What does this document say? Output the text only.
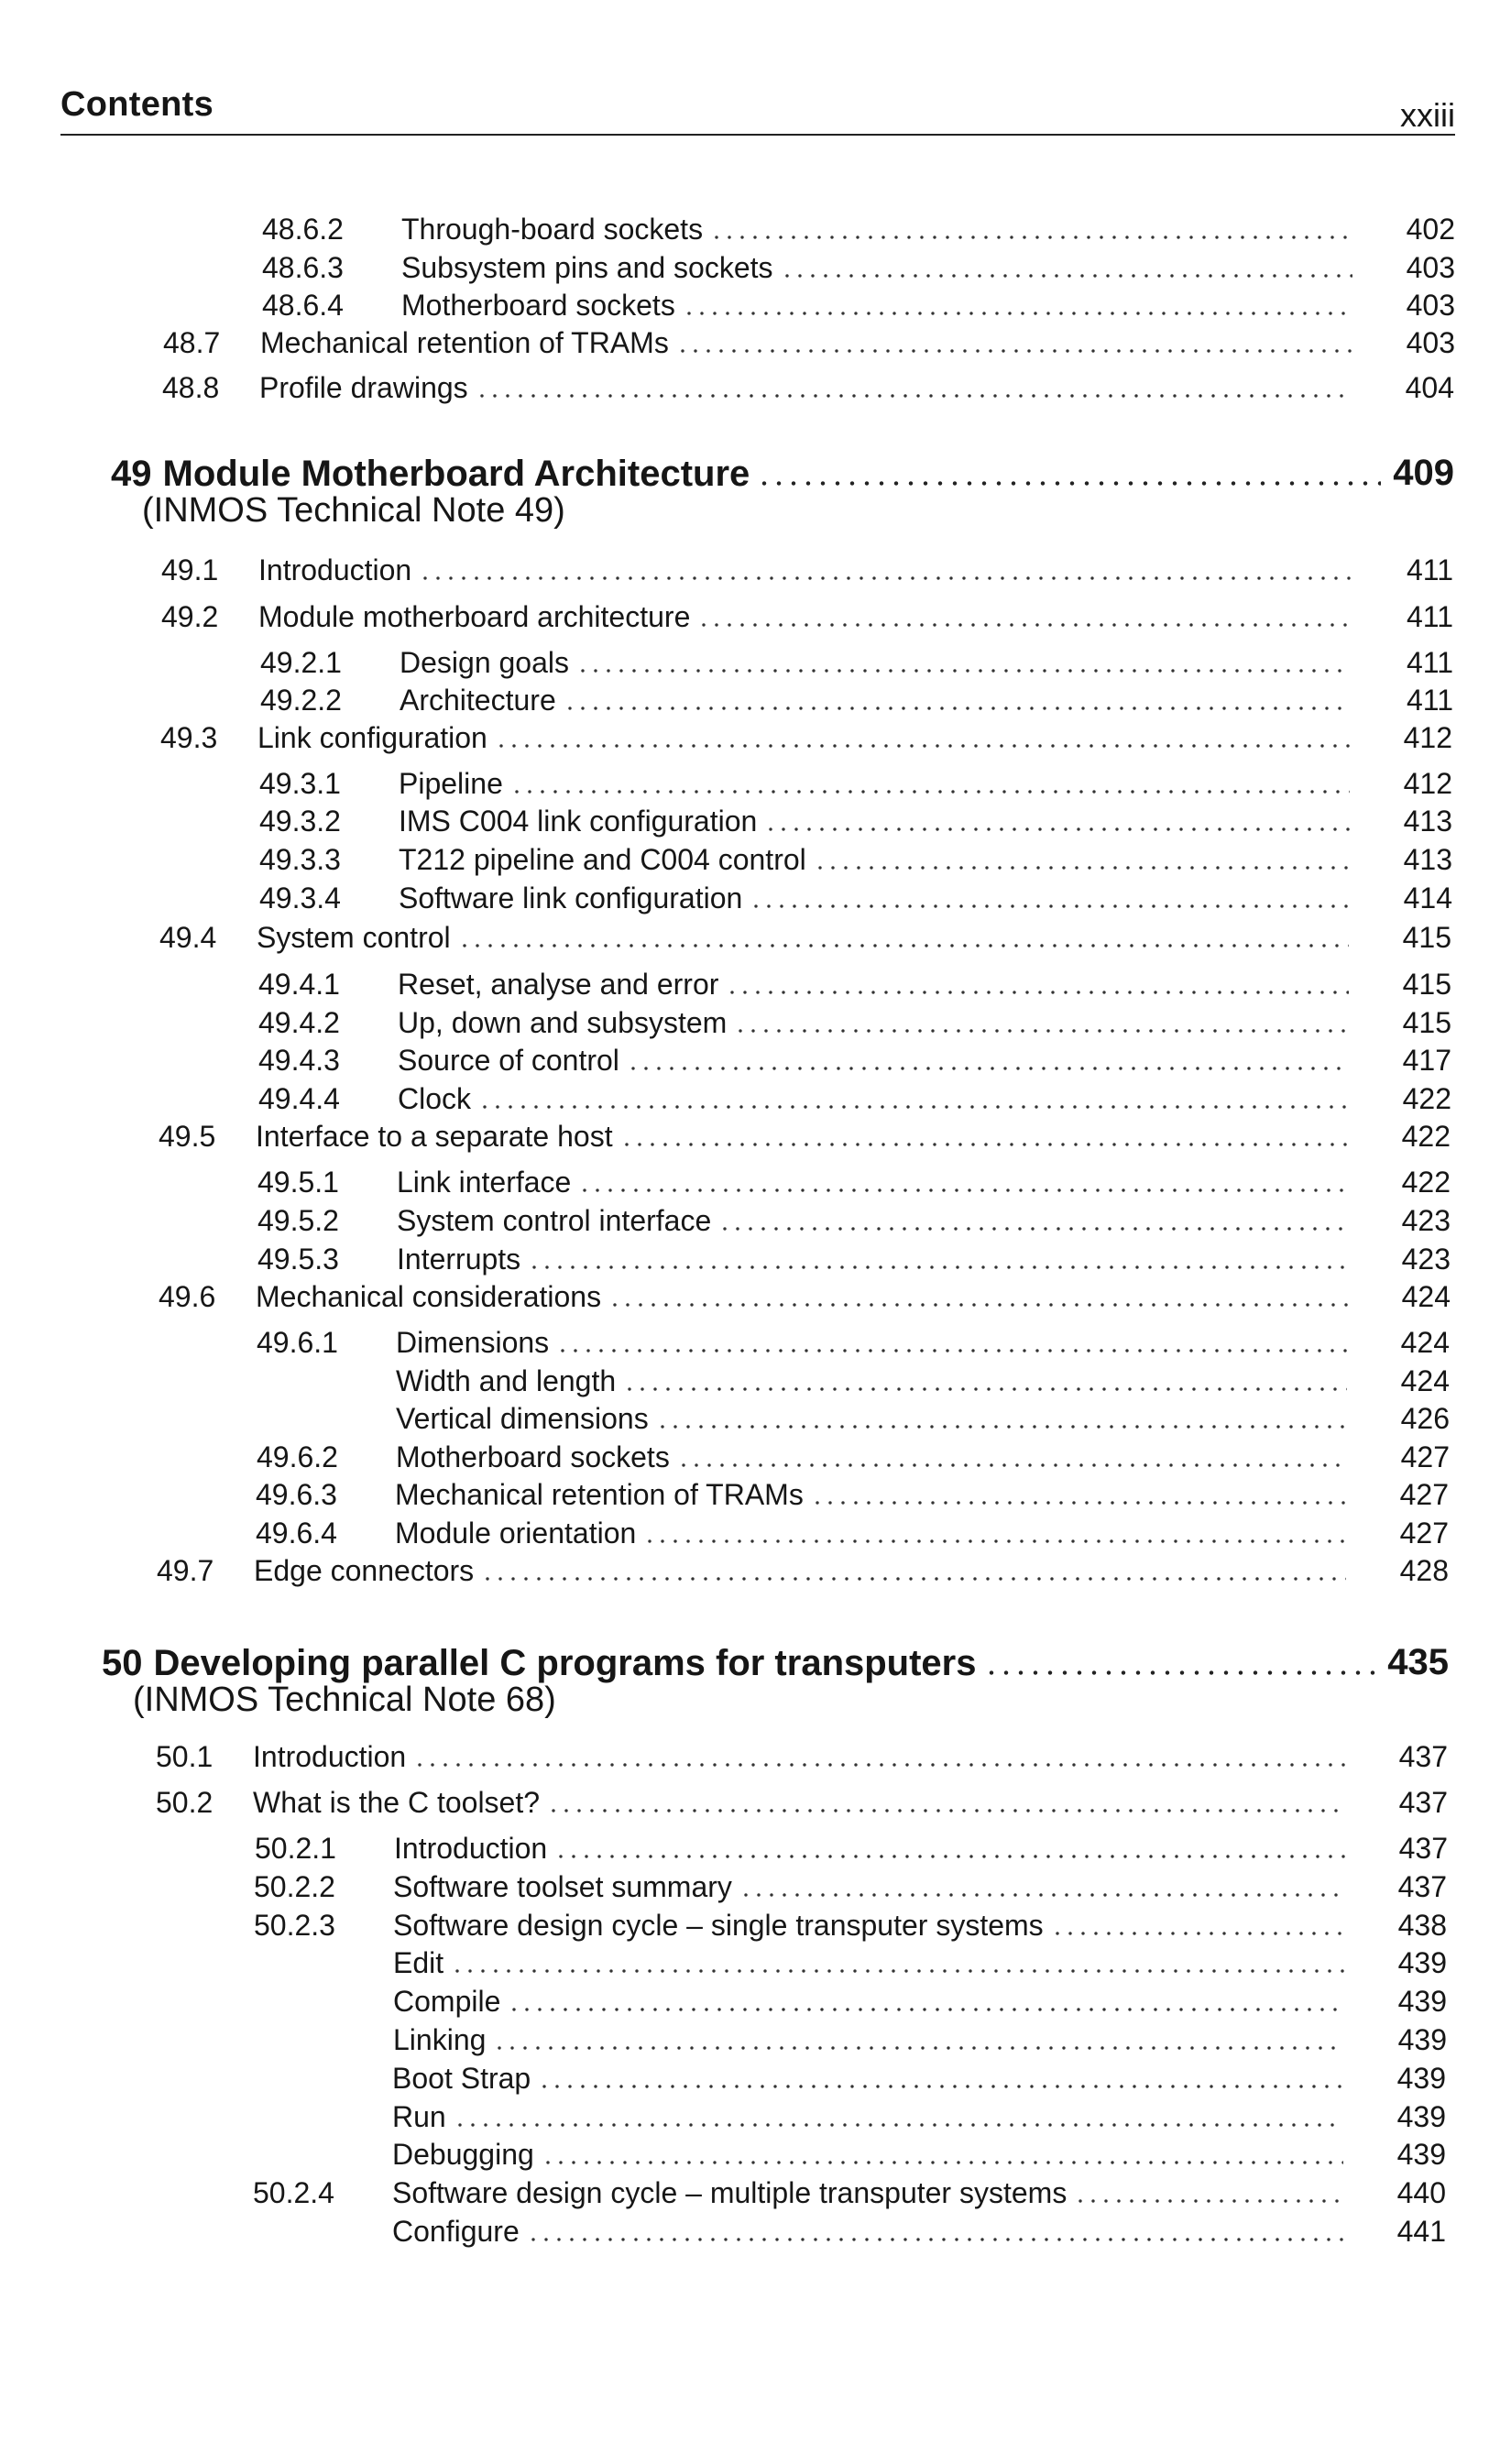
Contents	xxiii
48.6.2 Through-board sockets	402
48.6.3 Subsystem pins and sockets	403
48.6.4 Motherboard sockets	403
48.7 Mechanical retention of TRAMs	403
48.8 Profile drawings	404
49 Module Motherboard Architecture	409
(INMOS Technical Note 49)
49.1 Introduction	411
49.2 Module motherboard architecture	411
49.2.1 Design goals	411
49.2.2 Architecture	411
49.3 Link configuration	412
49.3.1 Pipeline	412
49.3.2 IMS C004 link configuration	413
49.3.3 T212 pipeline and C004 control	413
49.3.4 Software link configuration	414
49.4 System control	415
49.4.1 Reset, analyse and error	415
49.4.2 Up, down and subsystem	415
49.4.3 Source of control	417
49.4.4 Clock	422
49.5 Interface to a separate host	422
49.5.1 Link interface	422
49.5.2 System control interface	423
49.5.3 Interrupts	423
49.6 Mechanical considerations	424
49.6.1 Dimensions	424
Width and length	424
Vertical dimensions	426
49.6.2 Motherboard sockets	427
49.6.3 Mechanical retention of TRAMs	427
49.6.4 Module orientation	427
49.7 Edge connectors	428
50 Developing parallel C programs for transputers	435
(INMOS Technical Note 68)
50.1 Introduction	437
50.2 What is the C toolset?	437
50.2.1 Introduction	437
50.2.2 Software toolset summary	437
50.2.3 Software design cycle – single transputer systems	438
Edit	439
Compile	439
Linking	439
Boot Strap	439
Run	439
Debugging	439
50.2.4 Software design cycle – multiple transputer systems	440
Configure	441
